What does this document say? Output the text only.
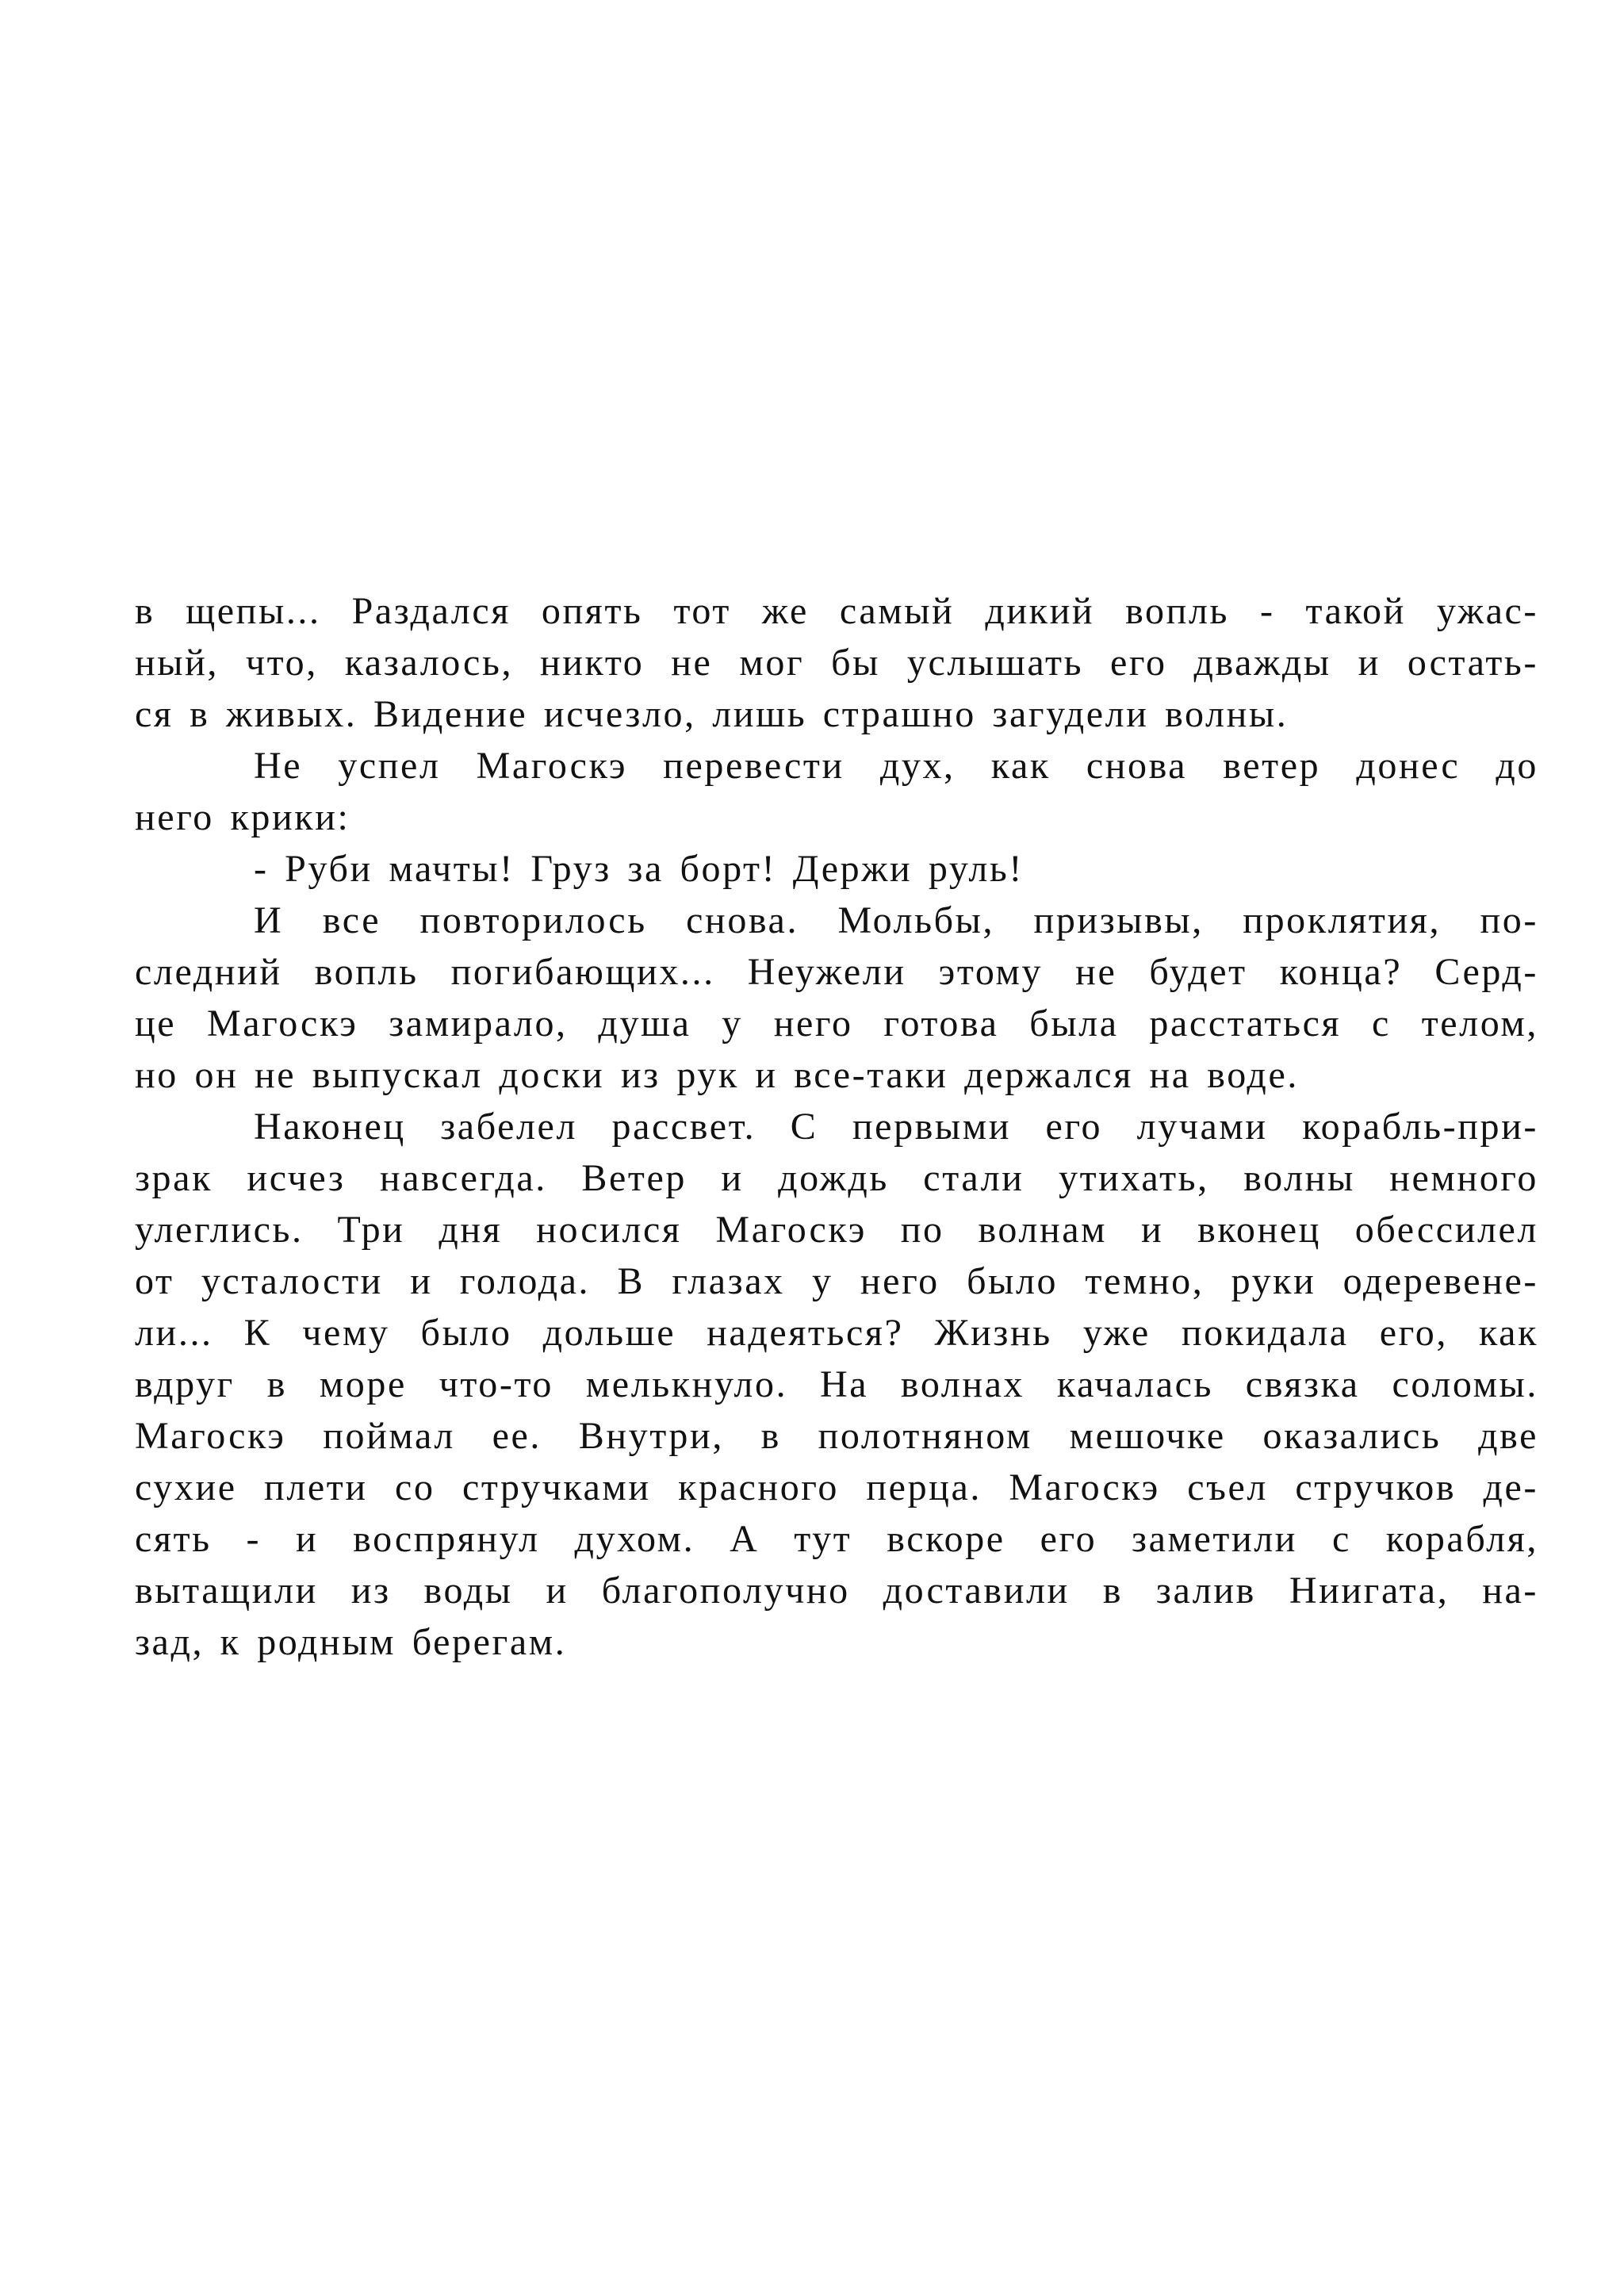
в щепы... Раздался опять тот же самый дикий вопль - такой ужас-
ный, что, казалось, никто не мог бы услышать его дважды и остать-
ся в живых. Видение исчезло, лишь страшно загудели волны.
Не успел Магоскэ перевести дух, как снова ветер донес до
него крики:
- Руби мачты! Груз за борт! Держи руль!
И все повторилось снова. Мольбы, призывы, проклятия, по-
следний вопль погибающих... Неужели этому не будет конца? Серд-
це Магоскэ замирало, душа у него готова была расстаться с телом,
но он не выпускал доски из рук и все-таки держался на воде.
Наконец забелел рассвет. С первыми его лучами корабль-при-
зрак исчез навсегда. Ветер и дождь стали утихать, волны немного
улеглись. Три дня носился Магоскэ по волнам и вконец обессилел
от усталости и голода. В глазах у него было темно, руки одеревене-
ли... К чему было дольше надеяться? Жизнь уже покидала его, как
вдруг в море что-то мелькнуло. На волнах качалась связка соломы.
Магоскэ поймал ее. Внутри, в полотняном мешочке оказались две
сухие плети со стручками красного перца. Магоскэ съел стручков де-
сять - и воспрянул духом. А тут вскоре его заметили с корабля,
вытащили из воды и благополучно доставили в залив Ниигата, на-
зад, к родным берегам.
